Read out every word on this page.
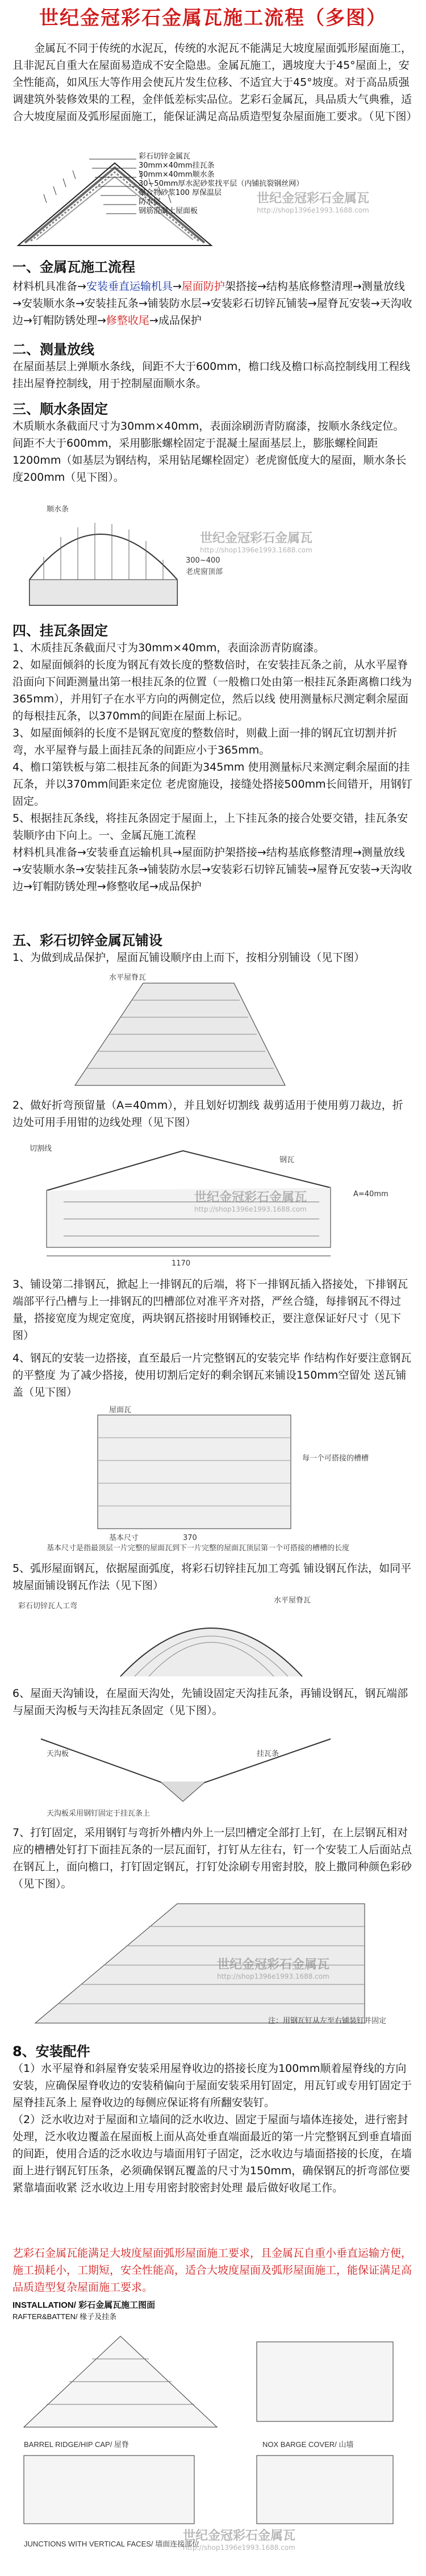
世纪金冠彩石金属瓦施工流程（多图）
金属瓦不同于传统的水泥瓦，传统的水泥瓦不能满足大坡度屋面弧形屋面施工，且非泥瓦自重大在屋面易造成不安全隐患。金属瓦施工，遇坡度大于45°屋面上，安全性能高，如风压大等作用会使瓦片发生位移、不适宜大于45°坡度。对于高品质强调建筑外装修效果的工程，金伴低差标实品位。艺彩石金属瓦，具品质大气典雅，适合大坡度屋面及弧形屋面施工，能保证满足高品质造型复杂屋面施工要求。（见下图）
彩石切锌金属瓦
30mm×40mm挂瓦条
30mm×40mm顺水条
30~50mm厚水泥砂浆找平层（内铺抗裂钢丝网）
聚合物砂浆100 厚保温层
防水层
钢筋混凝土屋面板
世纪金冠彩石金属瓦
http://shop1396e1993.1688.com
一、金属瓦施工流程
材料机具准备→安装垂直运输机具→屋面防护架搭接→结构基底修整清理→测量放线→安装顺水条→安装挂瓦条→铺装防水层→安装彩石切锌瓦铺装→屋脊瓦安装→天沟收边→钉帽防锈处理→修整收尾→成品保护
二、测量放线
在屋面基层上弹顺水条线，间距不大于600mm，檐口线及檐口标高控制线用工程线挂出屋脊控制线，用于控制屋面顺水条。
三、顺水条固定
木质顺水条截面尺寸为30mm×40mm，表面涂刷沥青防腐漆，按顺水条线定位。间距不大于600mm，采用膨胀螺栓固定于混凝土屋面基层上，膨胀螺栓间距1200mm（如基层为钢结构，采用钻尾螺栓固定）老虎窗低度大的屋面，顺水条长度200mm（见下图）。
300~400
老虎窗顶部
顺水条
世纪金冠彩石金属瓦
http://shop1396e1993.1688.com
四、挂瓦条固定
1、木质挂瓦条截面尺寸为30mm×40mm，表面涂沥青防腐漆。
2、如屋面倾斜的长度为钢瓦有效长度的整数倍时，在安装挂瓦条之前，从水平屋脊沿面向下间距测量出第一根挂瓦条的位置（一般檐口处由第一根挂瓦条距离檐口线为365mm），并用钉子在水平方向的两侧定位，然后以线 使用测量标尺测定剩余屋面的每根挂瓦条，以370mm的间距在屋面上标记。
3、如屋面倾斜的长度不是钢瓦宽度的整数倍时，则截上面一排的钢瓦宜切割并折弯，水平屋脊与最上面挂瓦条的间距应小于365mm。
4、檐口第铁板与第二根挂瓦条的间距为345mm 使用测量标尺来测定剩余屋面的挂瓦条，并以370mm间距来定位 老虎窗施设，接缝处搭接500mm长间错开，用钢钉固定。
5、根据挂瓦条线，将挂瓦条固定于屋面上，上下挂瓦条的接合处要交错，挂瓦条安装顺序由下向上。一、金属瓦施工流程
材料机具准备→安装垂直运输机具→屋面防护架搭接→结构基底修整清理→测量放线→安装顺水条→安装挂瓦条→铺装防水层→安装彩石切锌瓦铺装→屋脊瓦安装→天沟收边→钉帽防锈处理→修整收尾→成品保护
五、彩石切锌金属瓦铺设
1、为做到成品保护，屋面瓦铺设顺序由上而下，按相分别铺设（见下图）
水平屋脊瓦
2、做好折弯预留量（A=40mm），并且划好切割线 裁剪适用于使用剪刀裁边，折边处可用手用钳的边线处理（见下图）
1170
切割线
钢瓦
A=40mm
世纪金冠彩石金属瓦
http://shop1396e1993.1688.com
3、铺设第二排钢瓦，掀起上一排钢瓦的后端，将下一排钢瓦插入搭接处，下排钢瓦端部平行凸槽与上一排钢瓦的凹槽部位对准平齐对搭，严丝合缝，每排钢瓦不得过量，搭接宽度为规定宽度，两块钢瓦搭接时用钢锤校正，要注意保证好尺寸（见下图）
4、钢瓦的安装一边搭接，直至最后一片完整钢瓦的安装完毕 作结构作好要注意钢瓦的平整度 为了减少搭接，使用切割后定好的剩余钢瓦来铺设150mm空留处 送瓦铺盖（见下图）
屋面瓦
每一个可搭接的槽槽
基本尺寸	370
基本尺寸是指最顶层一片完整的屋面瓦到下一片完整的屋面瓦顶层第一个可搭接的槽槽的长度
5、弧形屋面钢瓦，依据屋面弧度，将彩石切锌挂瓦加工弯弧 铺设钢瓦作法，如同平坡屋面铺设钢瓦作法（见下图）
彩石切锌瓦人工弯
水平屋脊瓦
6、屋面天沟铺设，在屋面天沟处，先铺设固定天沟挂瓦条，再铺设钢瓦，钢瓦端部与屋面天沟板与天沟挂瓦条固定（见下图）。
天沟板	挂瓦条
天沟板采用钢钉固定于挂瓦条上
7、打钉固定，采用钢钉与弯折外槽内外上一层凹槽定全部打上钉，在上层钢瓦相对应的槽槽处钉打下面挂瓦条的一层瓦面钉，打钉从左往右，钉一个安装工人后面站点在钢瓦上，面向檐口，打钉固定钢瓦，打钉处涂刷专用密封胶，胶上撒同种颜色彩砂（见下图）。
注：用钢瓦钉从左至右铺装钉并固定
世纪金冠彩石金属瓦
http://shop1396e1993.1688.com
8、安装配件
（1）水平屋脊和斜屋脊安装采用屋脊收边的搭接长度为100mm顺着屋脊线的方向安装，应确保屋脊收边的安装稍偏向于屋面安装采用钉固定，用瓦钉或专用钉固定于屋脊挂瓦条上 屋脊收边的每侧应保证将有所翻安装钉。
（2）泛水收边对于屋面和立墙间的泛水收边、固定于屋面与墙体连接处，进行密封处理，泛水收边覆盖在屋面板上面从高处垂直端面最近的第一片完整钢瓦到垂直墙面的间距，使用合适的泛水收边与墙面用钉子固定，泛水收边与墙面搭接的长度，在墙面上进行钢瓦钉压条，必须确保钢瓦覆盖的尺寸为150mm，确保钢瓦的折弯部位要紧靠墙面收紧 泛水收边上用专用密封胶密封处理 最后做好收尾工作。
艺彩石金属瓦能满足大坡度屋面弧形屋面施工要求，且金属瓦自重小垂直运输方便，施工损耗小，工期短，安全性能高，适合大坡度屋面及弧形屋面施工，能保证满足高品质造型复杂屋面施工要求。
INSTALLATION/ 彩石金属瓦施工图面
RAFTER&BATTEN/ 椽子及挂条
BARREL RIDGE/HIP CAP/ 屋脊	NOX BARGE COVER/ 山墙
JUNCTIONS WITH VERTICAL FACES/ 墙面连接部位
世纪金冠彩石金属瓦
http://shop1396e1993.1688.com
